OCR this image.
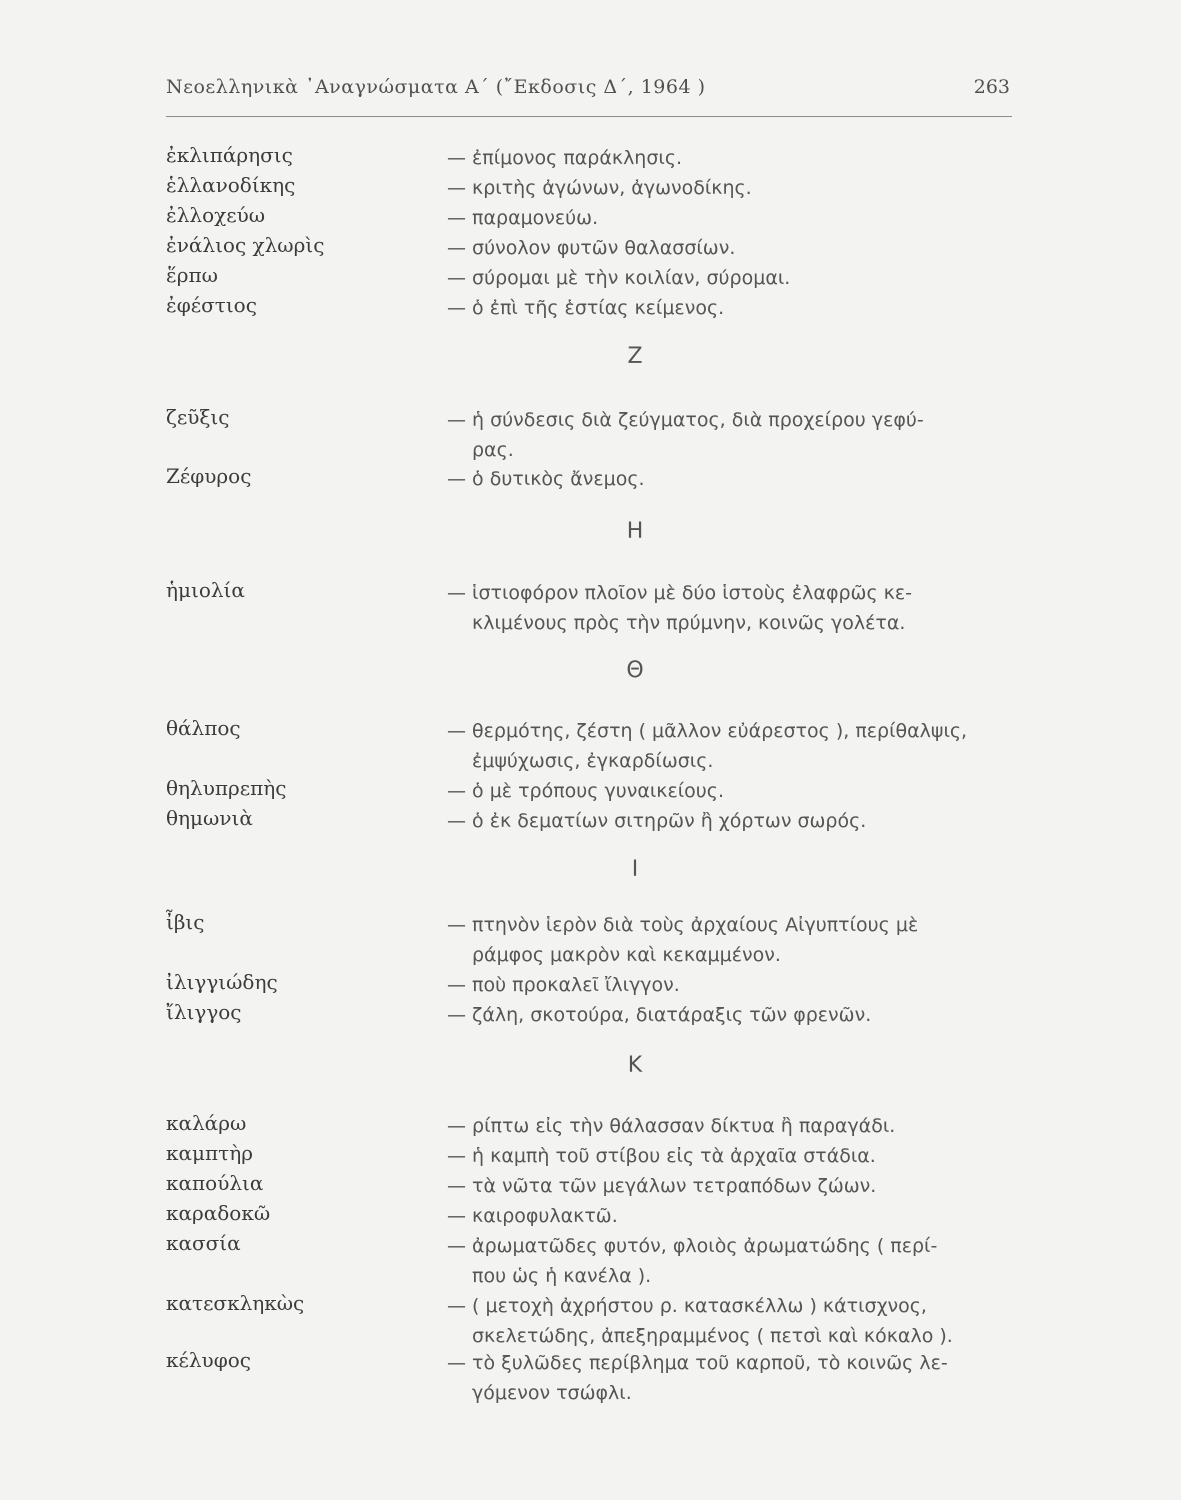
Νεοελληνικὰ ᾿Αναγνώσματα Α΄ (῎Εκδοσις Δ΄, 1964 )	263
ἐκλιπάρησις	— ἐπίμονος παράκλησις.
ἑλλανοδίκης	— κριτὴς ἀγώνων, ἀγωνοδίκης.
ἐλλοχεύω	— παραμονεύω.
ἐνάλιος χλωρὶς	— σύνολον φυτῶν θαλασσίων.
ἕρπω	— σύρομαι μὲ τὴν κοιλίαν, σύρομαι.
ἐφέστιος	— ὁ ἐπὶ τῆς ἑστίας κείμενος.
Ζ
ζεῦξις	— ἡ σύνδεσις διὰ ζεύγματος, διὰ προχείρου γεφύ-
ρας.
Ζέφυρος	— ὁ δυτικὸς ἄνεμος.
Η
ἡμιολία	— ἱστιοφόρον πλοῖον μὲ δύο ἱστοὺς ἐλαφρῶς κε-
κλιμένους πρὸς τὴν πρύμνην, κοινῶς γολέτα.
Θ
θάλπος	— θερμότης, ζέστη ( μᾶλλον εὐάρεστος ), περίθαλψις,
ἐμψύχωσις, ἐγκαρδίωσις.
θηλυπρεπὴς	— ὁ μὲ τρόπους γυναικείους.
θημωνιὰ	— ὁ ἐκ δεματίων σιτηρῶν ἢ χόρτων σωρός.
Ι
ἶβις	— πτηνὸν ἱερὸν διὰ τοὺς ἀρχαίους Αἰγυπτίους μὲ
ράμφος μακρὸν καὶ κεκαμμένον.
ἰλιγγιώδης	— ποὺ προκαλεῖ ἴλιγγον.
ἴλιγγος	— ζάλη, σκοτούρα, διατάραξις τῶν φρενῶν.
Κ
καλάρω	— ρίπτω εἰς τὴν θάλασσαν δίκτυα ἢ παραγάδι.
καμπτὴρ	— ἡ καμπὴ τοῦ στίβου εἰς τὰ ἀρχαῖα στάδια.
καπούλια	— τὰ νῶτα τῶν μεγάλων τετραπόδων ζώων.
καραδοκῶ	— καιροφυλακτῶ.
κασσία	— ἀρωματῶδες φυτόν, φλοιὸς ἀρωματώδης ( περί-
που ὡς ἡ κανέλα ).
κατεσκληκὼς	— ( μετοχὴ ἀχρήστου ρ. κατασκέλλω ) κάτισχνος,
σκελετώδης, ἀπεξηραμμένος ( πετσὶ καὶ κόκαλο ).
κέλυφος	— τὸ ξυλῶδες περίβλημα τοῦ καρποῦ, τὸ κοινῶς λε-
γόμενον τσώφλι.
